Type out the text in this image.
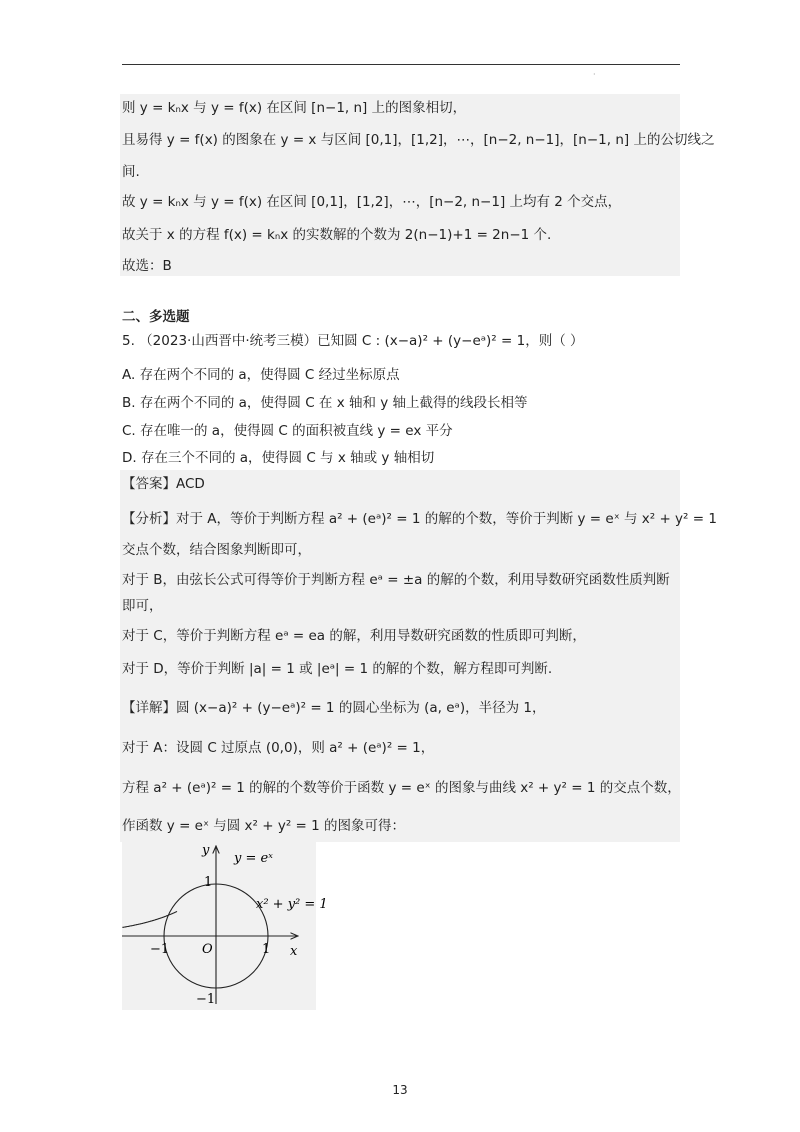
·
则 y = kₙx 与 y = f(x) 在区间 [n−1, n] 上的图象相切，
且易得 y = f(x) 的图象在 y = x 与区间 [0,1]，[1,2]，⋯，[n−2, n−1]，[n−1, n] 上的公切线之
间.
故 y = kₙx 与 y = f(x) 在区间 [0,1]，[1,2]，⋯，[n−2, n−1] 上均有 2 个交点，
故关于 x 的方程 f(x) = kₙx 的实数解的个数为 2(n−1)+1 = 2n−1 个.
故选：B
二、多选题
5. （2023·山西晋中·统考三模）已知圆 C : (x−a)² + (y−eᵃ)² = 1，则（ ）
A. 存在两个不同的 a，使得圆 C 经过坐标原点
B. 存在两个不同的 a，使得圆 C 在 x 轴和 y 轴上截得的线段长相等
C. 存在唯一的 a，使得圆 C 的面积被直线 y = ex 平分
D. 存在三个不同的 a，使得圆 C 与 x 轴或 y 轴相切
【答案】ACD
【分析】对于 A，等价于判断方程 a² + (eᵃ)² = 1 的解的个数，等价于判断 y = eˣ 与 x² + y² = 1
交点个数，结合图象判断即可，
对于 B，由弦长公式可得等价于判断方程 eᵃ = ±a 的解的个数，利用导数研究函数性质判断
即可，
对于 C，等价于判断方程 eᵃ = ea 的解，利用导数研究函数的性质即可判断，
对于 D，等价于判断 |a| = 1 或 |eᵃ| = 1 的解的个数，解方程即可判断.
【详解】圆 (x−a)² + (y−eᵃ)² = 1 的圆心坐标为 (a, eᵃ)，半径为 1，
对于 A：设圆 C 过原点 (0,0)，则 a² + (eᵃ)² = 1，
方程 a² + (eᵃ)² = 1 的解的个数等价于函数 y = eˣ 的图象与曲线 x² + y² = 1 的交点个数，
作函数 y = eˣ 与圆 x² + y² = 1 的图象可得：
y
x
O
1
−1
−1	1
y = eˣ
x² + y² = 1
13
